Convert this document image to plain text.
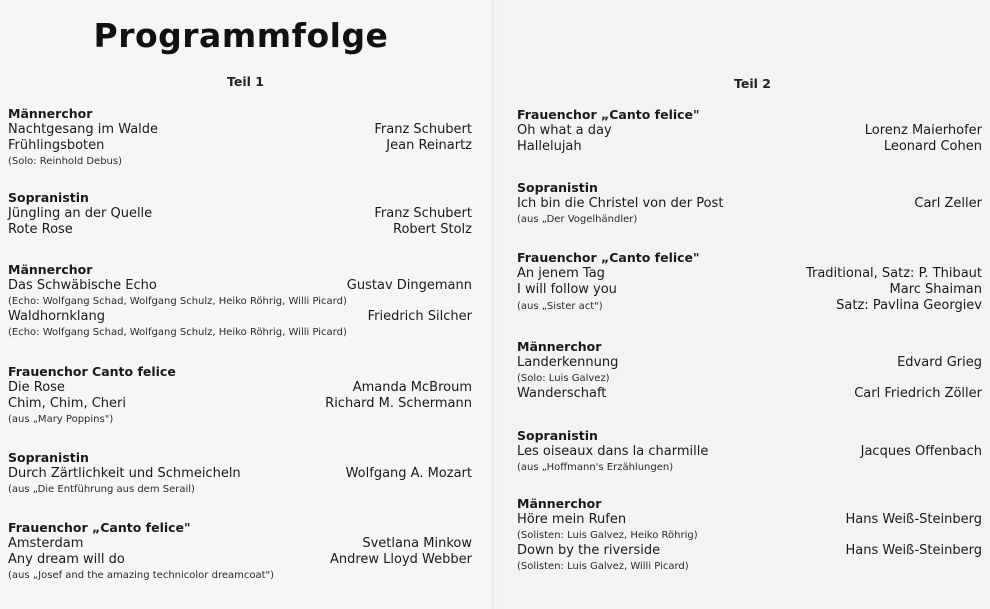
Programmfolge
Teil 1
Männerchor
Nachtgesang im Walde	Franz Schubert
Frühlingsboten	Jean Reinartz
(Solo: Reinhold Debus)
Sopranistin
Jüngling an der Quelle	Franz Schubert
Rote Rose	Robert Stolz
Männerchor
Das Schwäbische Echo	Gustav Dingemann
(Echo: Wolfgang Schad, Wolfgang Schulz, Heiko Röhrig, Willi Picard)
Waldhornklang	Friedrich Silcher
(Echo: Wolfgang Schad, Wolfgang Schulz, Heiko Röhrig, Willi Picard)
Frauenchor Canto felice
Die Rose	Amanda McBroum
Chim, Chim, Cheri	Richard M. Schermann
(aus „Mary Poppins")
Sopranistin
Durch Zärtlichkeit und Schmeicheln	Wolfgang A. Mozart
(aus „Die Entführung aus dem Serail)
Frauenchor „Canto felice"
Amsterdam	Svetlana Minkow
Any dream will do	Andrew Lloyd Webber
(aus „Josef and the amazing technicolor dreamcoat")
Teil 2
Frauenchor „Canto felice"
Oh what a day	Lorenz Maierhofer
Hallelujah	Leonard Cohen
Sopranistin
Ich bin die Christel von der Post	Carl Zeller
(aus „Der Vogelhändler)
Frauenchor „Canto felice"
An jenem Tag	Traditional, Satz: P. Thibaut
I will follow you	Marc Shaiman
(aus „Sister act")	Satz: Pavlina Georgiev
Männerchor
Landerkennung	Edvard Grieg
(Solo: Luis Galvez)
Wanderschaft	Carl Friedrich Zöller
Sopranistin
Les oiseaux dans la charmille	Jacques Offenbach
(aus „Hoffmann's Erzählungen)
Männerchor
Höre mein Rufen	Hans Weiß-Steinberg
(Solisten: Luis Galvez, Heiko Röhrig)
Down by the riverside	Hans Weiß-Steinberg
(Solisten: Luis Galvez, Willi Picard)
